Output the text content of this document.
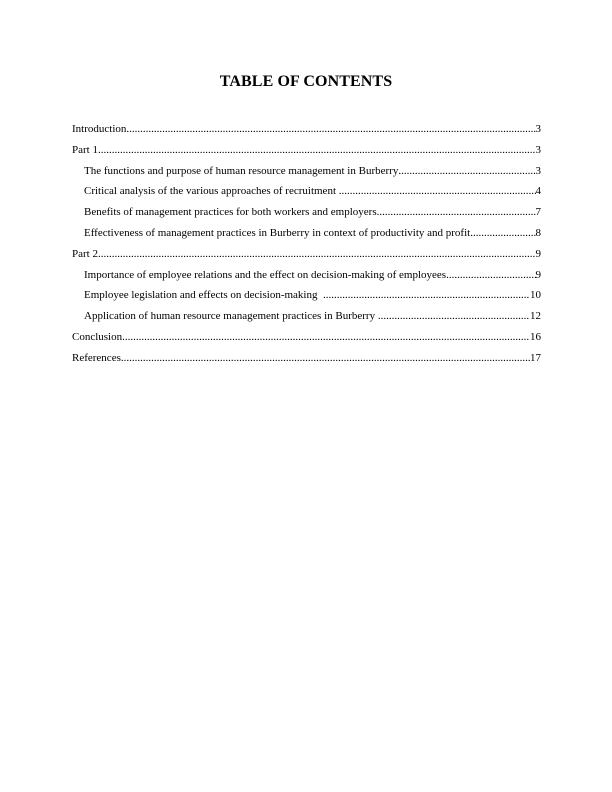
TABLE OF CONTENTS
Introduction .....	3
Part 1 .....	3
The functions and purpose of human resource management in Burberry .....	3
Critical analysis of the various approaches of recruitment .....	4
Benefits of management practices for both workers and employers .....	7
Effectiveness of management practices in Burberry in context of productivity and profit .....	8
Part 2 .....	9
Importance of employee relations and the effect on decision-making of employees .....	9
Employee legislation and effects on decision-making .....	10
Application of human resource management practices in Burberry .....	12
Conclusion .....	16
References .....	17
